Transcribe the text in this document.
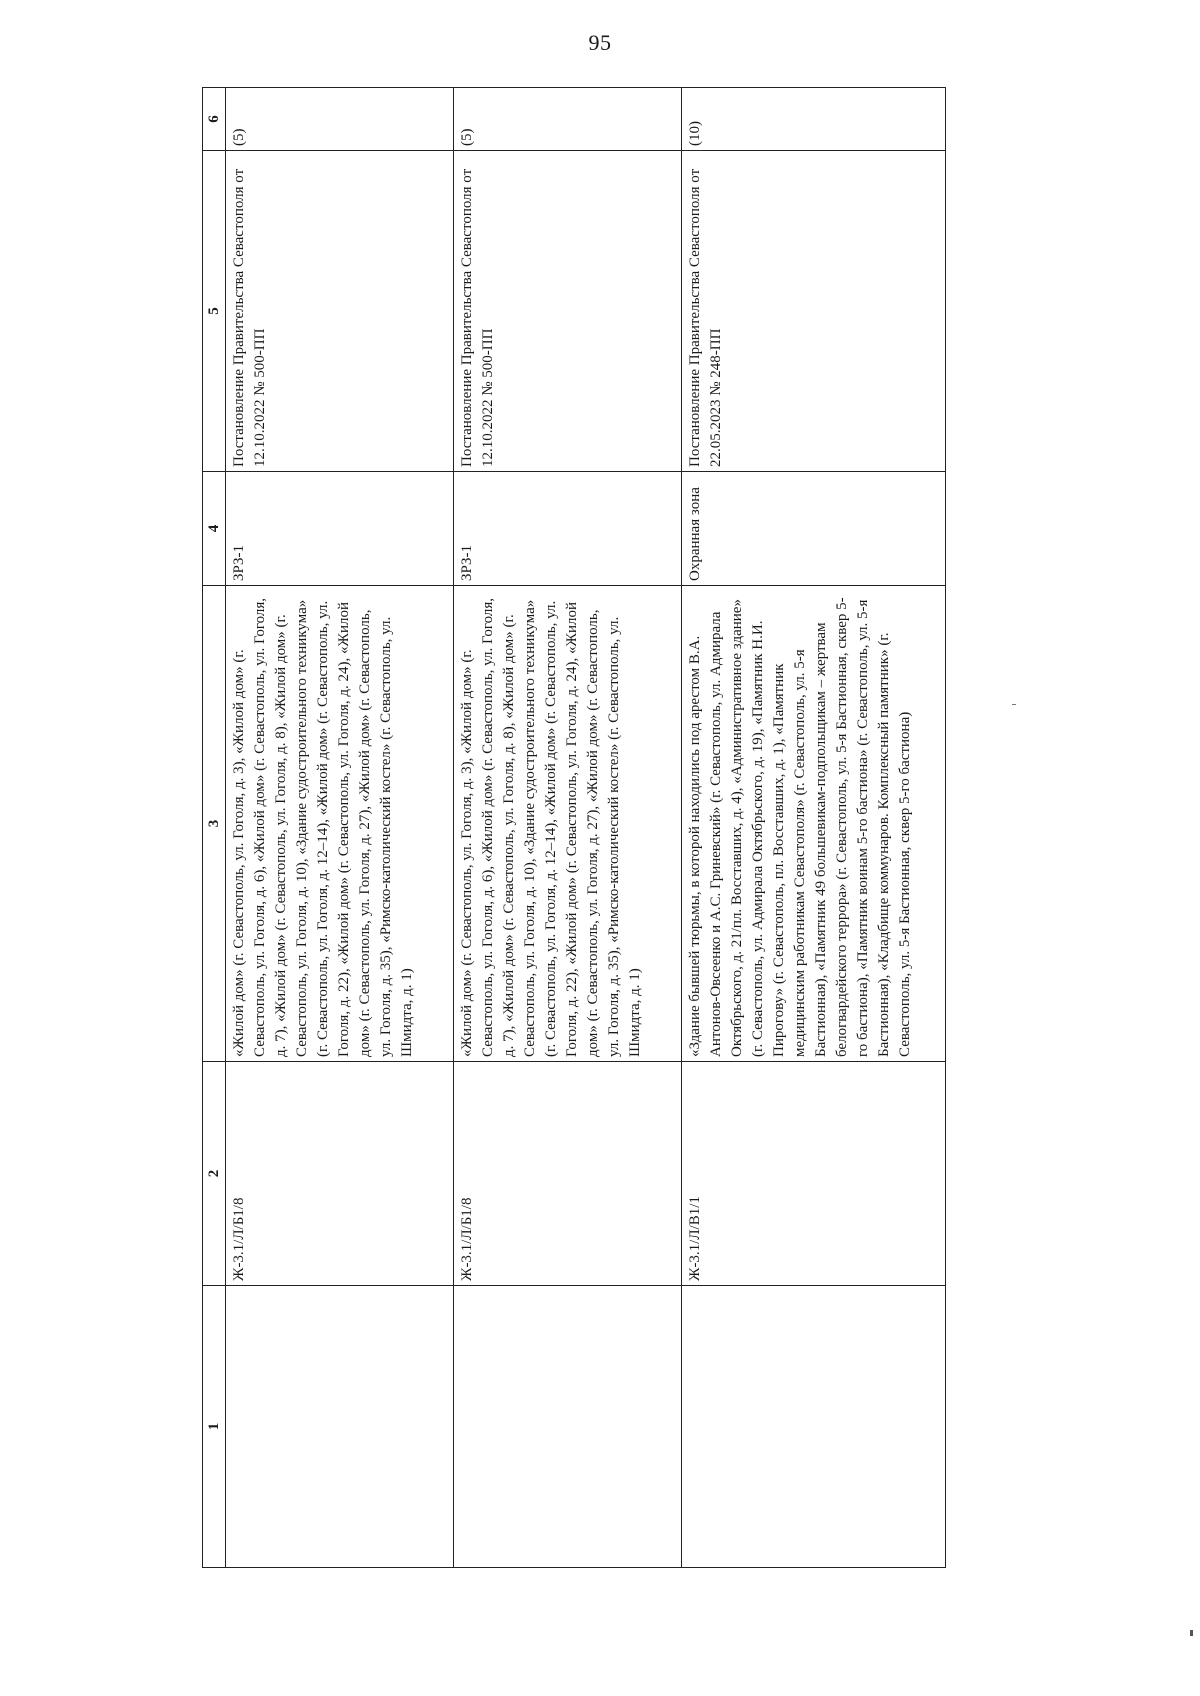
95
1	2	3	4	5	6
	Ж-3.1/Л/Б1/8	«Жилой дом» (г. Севастополь, ул. Гоголя, д. 3), «Жилой дом» (г. Севастополь, ул. Гоголя, д. 6), «Жилой дом» (г. Севастополь, ул. Гоголя, д. 7), «Жилой дом» (г. Севастополь, ул. Гоголя, д. 8), «Жилой дом» (г. Севастополь, ул. Гоголя, д. 10), «Здание судостроительного техникума» (г. Севастополь, ул. Гоголя, д. 12–14), «Жилой дом» (г. Севастополь, ул. Гоголя, д. 22), «Жилой дом» (г. Севастополь, ул. Гоголя, д. 24), «Жилой дом» (г. Севастополь, ул. Гоголя, д. 27), «Жилой дом» (г. Севастополь, ул. Гоголя, д. 35), «Римско-католический костел» (г. Севастополь, ул. Шмидта, д. 1)	ЗРЗ-1	Постановление Правительства Севастополя от 12.10.2022 № 500-ПП	(5)
	Ж-3.1/Л/Б1/8	«Жилой дом» (г. Севастополь, ул. Гоголя, д. 3), «Жилой дом» (г. Севастополь, ул. Гоголя, д. 6), «Жилой дом» (г. Севастополь, ул. Гоголя, д. 7), «Жилой дом» (г. Севастополь, ул. Гоголя, д. 8), «Жилой дом» (г. Севастополь, ул. Гоголя, д. 10), «Здание судостроительного техникума» (г. Севастополь, ул. Гоголя, д. 12–14), «Жилой дом» (г. Севастополь, ул. Гоголя, д. 22), «Жилой дом» (г. Севастополь, ул. Гоголя, д. 24), «Жилой дом» (г. Севастополь, ул. Гоголя, д. 27), «Жилой дом» (г. Севастополь, ул. Гоголя, д. 35), «Римско-католический костел» (г. Севастополь, ул. Шмидта, д. 1)	ЗРЗ-1	Постановление Правительства Севастополя от 12.10.2022 № 500-ПП	(5)
	Ж-3.1/Л/В1/1	«Здание бывшей тюрьмы, в которой находились под арестом В.А. Антонов-Овсеенко и А.С. Гриневский» (г. Севастополь, ул. Адмирала Октябрьского, д. 21/пл. Восставших, д. 4), «Административное здание» (г. Севастополь, ул. Адмирала Октябрьского, д. 19), «Памятник Н.И. Пирогову» (г. Севастополь, пл. Восставших, д. 1), «Памятник медицинским работникам Севастополя» (г. Севастополь, ул. 5-я Бастионная), «Памятник 49 большевикам-подпольщикам – жертвам белогвардейского террора» (г. Севастополь, ул. 5-я Бастионная, сквер 5-го бастиона), «Памятник воинам 5-го бастиона» (г. Севастополь, ул. 5-я Бастионная), «Кладбище коммунаров. Комплексный памятник» (г. Севастополь, ул. 5-я Бастионная, сквер 5-го бастиона)	Охранная зона	Постановление Правительства Севастополя от 22.05.2023 № 248-ПП	(10)
